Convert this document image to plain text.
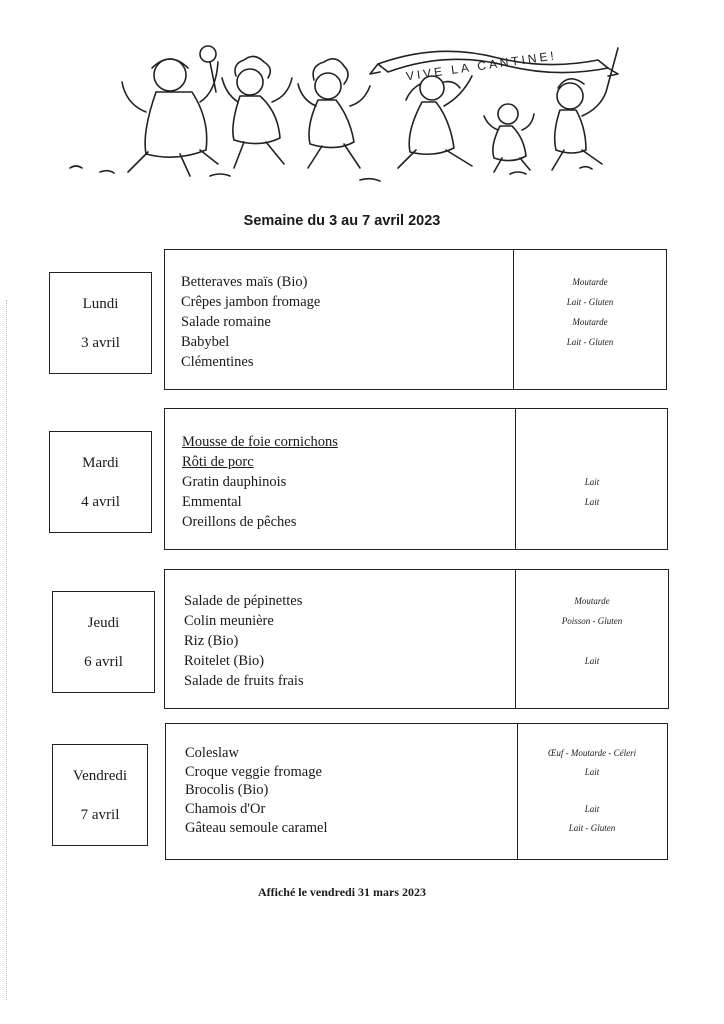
VIVE LA CANTINE!
Semaine du 3 au 7 avril 2023
Lundi
3 avril
Betteraves maïs (Bio)
Crêpes jambon fromage
Salade romaine
Babybel
Clémentines
Moutarde
Lait - Gluten
Moutarde
Lait - Gluten
Mardi
4 avril
Mousse de foie cornichons
Rôti de porc
Gratin dauphinois
Emmental
Oreillons de pêches
Lait
Lait
Jeudi
6 avril
Salade de pépinettes
Colin meunière
Riz (Bio)
Roitelet (Bio)
Salade de fruits frais
Moutarde
Poisson - Gluten
Lait
Vendredi
7 avril
Coleslaw
Croque veggie fromage
Brocolis (Bio)
Chamois d'Or
Gâteau semoule caramel
Œuf - Moutarde - Céleri
Lait
Lait
Lait - Gluten
Affiché le vendredi 31 mars 2023
